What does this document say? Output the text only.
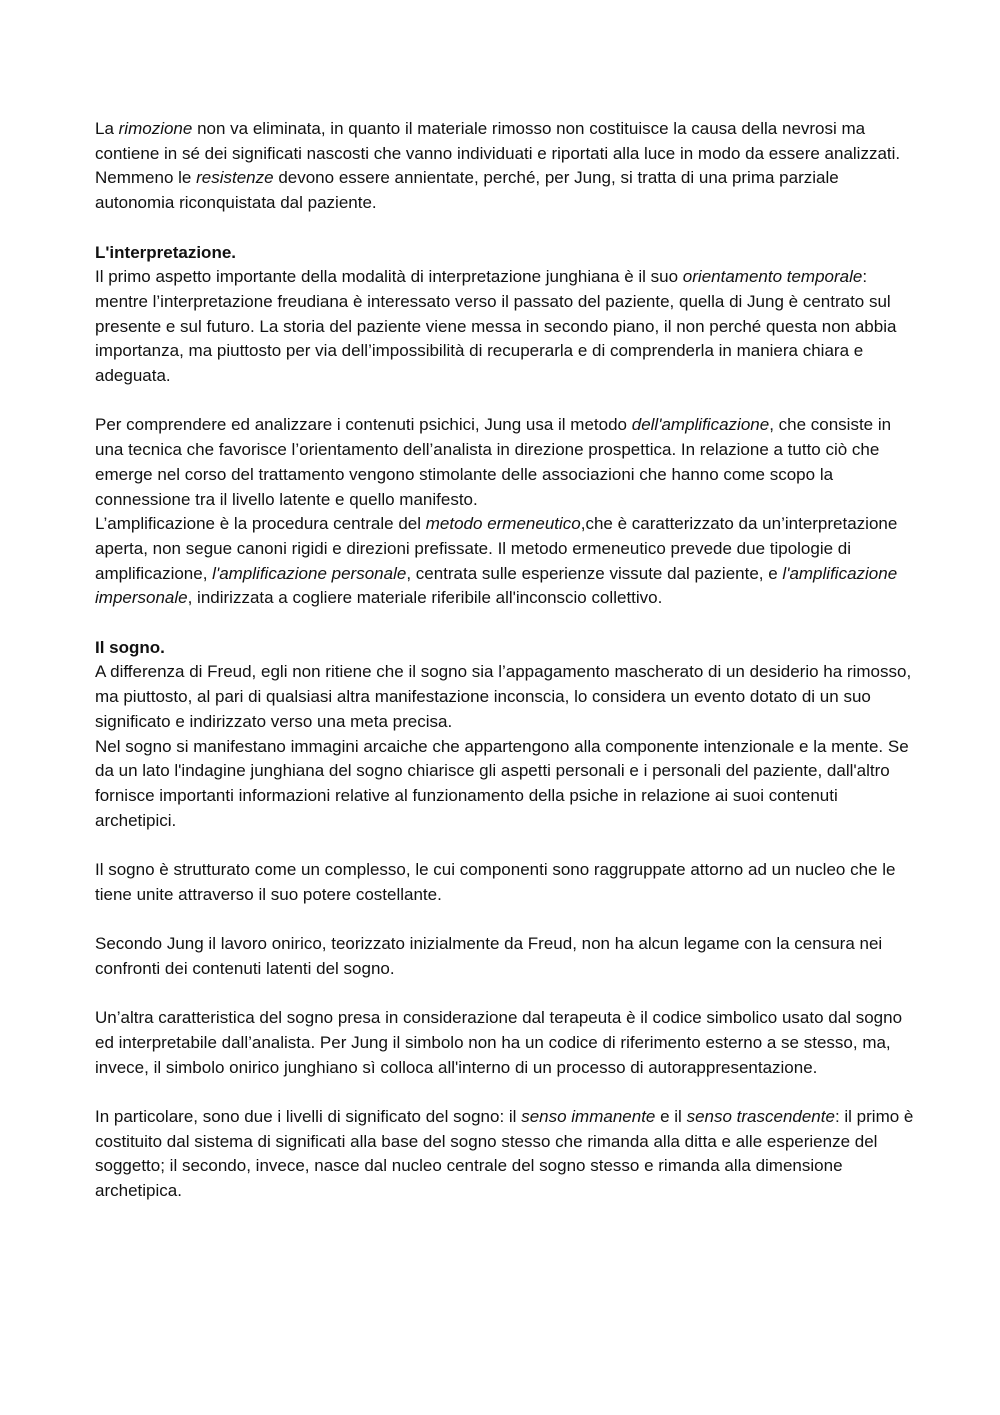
La rimozione non va eliminata, in quanto il materiale rimosso non costituisce la causa della nevrosi ma contiene in sé dei significati nascosti che vanno individuati e riportati alla luce in modo da essere analizzati.

Nemmeno le resistenze devono essere annientate, perché, per Jung, si tratta di una prima parziale autonomia riconquistata dal paziente.

L'interpretazione.

Il primo aspetto importante della modalità di interpretazione junghiana è il suo orientamento temporale: mentre l’interpretazione freudiana è interessato verso il passato del paziente, quella di Jung è centrato sul presente e sul futuro. La storia del paziente viene messa in secondo piano, il non perché questa non abbia importanza, ma piuttosto per via dell’impossibilità di recuperarla e di comprenderla in maniera chiara e adeguata.

Per comprendere ed analizzare i contenuti psichici, Jung usa il metodo dell'amplificazione, che consiste in una tecnica che favorisce l’orientamento dell’analista in direzione prospettica. In relazione a tutto ciò che emerge nel corso del trattamento vengono stimolante delle associazioni che hanno come scopo la connessione tra il livello latente e quello manifesto.

L’amplificazione è la procedura centrale del metodo ermeneutico,che è caratterizzato da un’interpretazione aperta, non segue canoni rigidi e direzioni prefissate. Il metodo ermeneutico prevede due tipologie di amplificazione, l'amplificazione personale, centrata sulle esperienze vissute dal paziente, e l'amplificazione impersonale, indirizzata a cogliere materiale riferibile all'inconscio collettivo.

Il sogno.

A differenza di Freud, egli non ritiene che il sogno sia l’appagamento mascherato di un desiderio ha rimosso, ma piuttosto, al pari di qualsiasi altra manifestazione inconscia, lo considera un evento dotato di un suo significato e indirizzato verso una meta precisa.

Nel sogno si manifestano immagini arcaiche che appartengono alla componente intenzionale e la mente. Se da un lato l'indagine junghiana del sogno chiarisce gli aspetti personali e i personali del paziente, dall'altro fornisce importanti informazioni relative al funzionamento della psiche in relazione ai suoi contenuti archetipici.

Il sogno è strutturato come un complesso, le cui componenti sono raggruppate attorno ad un nucleo che le tiene unite attraverso il suo potere costellante.

Secondo Jung il lavoro onirico, teorizzato inizialmente da Freud, non ha alcun legame con la censura nei confronti dei contenuti latenti del sogno.

Un’altra caratteristica del sogno presa in considerazione dal terapeuta è il codice simbolico usato dal sogno ed interpretabile dall’analista. Per Jung il simbolo non ha un codice di riferimento esterno a se stesso, ma, invece, il simbolo onirico junghiano sì colloca all'interno di un processo di autorappresentazione.

In particolare, sono due i livelli di significato del sogno: il senso immanente e il senso trascendente: il primo è costituito dal sistema di significati alla base del sogno stesso che rimanda alla ditta e alle esperienze del soggetto; il secondo, invece, nasce dal nucleo centrale del sogno stesso e rimanda alla dimensione archetipica.
